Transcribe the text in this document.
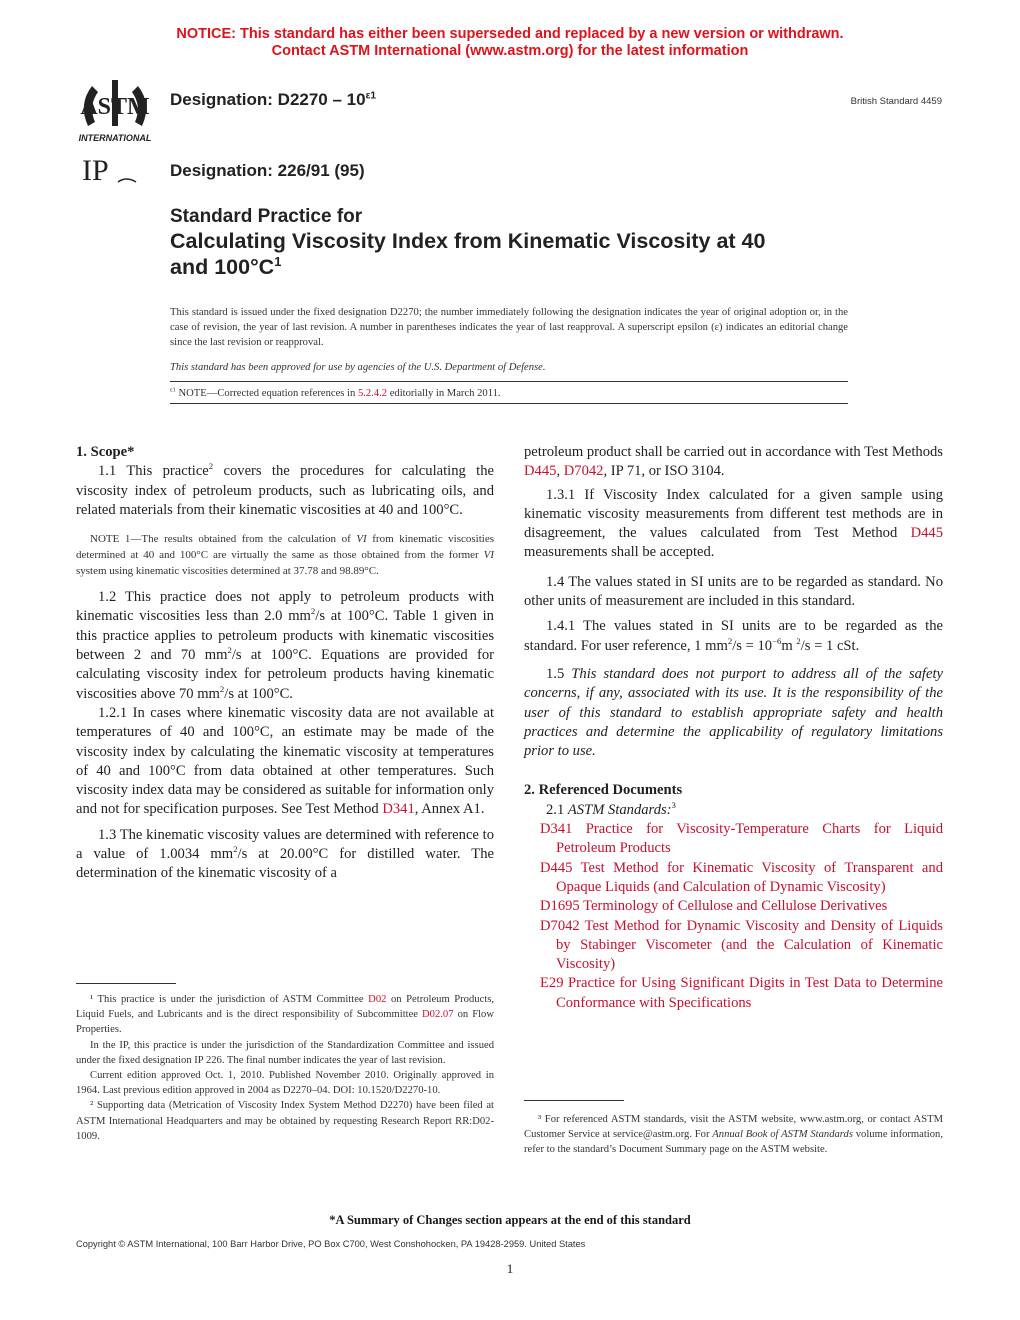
NOTICE: This standard has either been superseded and replaced by a new version or withdrawn.
Contact ASTM International (www.astm.org) for the latest information
ASTM
INTERNATIONAL
IP
Designation: $D2270 - 10^{\varepsilon 1}$
British Standard 4459
Designation: 226/91 (95)
Standard Practice for
Calculating Viscosity Index from Kinematic Viscosity at 40
and $100^\circ C^1$
This standard is issued under the fixed designation D2270; the number immediately following the designation indicates the year of original adoption or, in the case of revision, the year of last revision. A number in parentheses indicates the year of last reapproval. A superscript epsilon (ε) indicates an editorial change since the last revision or reapproval.
This standard has been approved for use by agencies of the U.S. Department of Defense.
$^{\varepsilon 1}$ NOTE—Corrected equation references in 5.2.4.2 editorially in March 2011.

1. Scope*

1.1 This practice$^2$ covers the procedures for calculating the viscosity index of petroleum products, such as lubricating oils, and related materials from their kinematic viscosities at 40 and 100°C.

NOTE 1—The results obtained from the calculation of VI from kinematic viscosities determined at 40 and 100°C are virtually the same as those obtained from the former VI system using kinematic viscosities determined at 37.78 and 98.89°C.

1.2 This practice does not apply to petroleum products with kinematic viscosities less than 2.0 $mm^2/s$ at 100°C. Table 1 given in this practice applies to petroleum products with kinematic viscosities between 2 and 70 $mm^2/s$ at 100°C. Equations are provided for calculating viscosity index for petroleum products having kinematic viscosities above 70 $mm^2/s$ at 100°C.

1.2.1 In cases where kinematic viscosity data are not available at temperatures of 40 and 100°C, an estimate may be made of the viscosity index by calculating the kinematic viscosity at temperatures of 40 and 100°C from data obtained at other temperatures. Such viscosity index data may be considered as suitable for information only and not for specification purposes. See Test Method D341, Annex A1.

1.3 The kinematic viscosity values are determined with reference to a value of 1.0034 $mm^2/s$ at 20.00°C for distilled water. The determination of the kinematic viscosity of a

petroleum product shall be carried out in accordance with Test Methods D445, D7042, IP 71, or ISO 3104.

1.3.1 If Viscosity Index calculated for a given sample using kinematic viscosity measurements from different test methods are in disagreement, the values calculated from Test Method D445 measurements shall be accepted.

1.4 The values stated in SI units are to be regarded as standard. No other units of measurement are included in this standard.

1.4.1 The values stated in SI units are to be regarded as the standard. For user reference, 1 $mm^2/s = 10^{-6}m$ $^2$/s = 1 cSt.

1.5 This standard does not purport to address all of the safety concerns, if any, associated with its use. It is the responsibility of the user of this standard to establish appropriate safety and health practices and determine the applicability of regulatory limitations prior to use.

2. Referenced Documents

2.1 ASTM Standards:$^3$

D341 Practice for Viscosity-Temperature Charts for Liquid Petroleum Products

D445 Test Method for Kinematic Viscosity of Transparent and Opaque Liquids (and Calculation of Dynamic Viscosity)

D1695 Terminology of Cellulose and Cellulose Derivatives

D7042 Test Method for Dynamic Viscosity and Density of Liquids by Stabinger Viscometer (and the Calculation of Kinematic Viscosity)

E29 Practice for Using Significant Digits in Test Data to Determine Conformance with Specifications

¹ This practice is under the jurisdiction of ASTM Committee D02 on Petroleum Products, Liquid Fuels, and Lubricants and is the direct responsibility of Subcommittee D02.07 on Flow Properties.

In the IP, this practice is under the jurisdiction of the Standardization Committee and issued under the fixed designation IP 226. The final number indicates the year of last revision.

Current edition approved Oct. 1, 2010. Published November 2010. Originally approved in 1964. Last previous edition approved in 2004 as D2270–04. DOI: 10.1520/D2270-10.

² Supporting data (Metrication of Viscosity Index System Method D2270) have been filed at ASTM International Headquarters and may be obtained by requesting Research Report RR:D02-1009.

³ For referenced ASTM standards, visit the ASTM website, www.astm.org, or contact ASTM Customer Service at service@astm.org. For Annual Book of ASTM Standards volume information, refer to the standard’s Document Summary page on the ASTM website.

*A Summary of Changes section appears at the end of this standard
Copyright © ASTM International, 100 Barr Harbor Drive, PO Box C700, West Conshohocken, PA 19428-2959. United States
1
